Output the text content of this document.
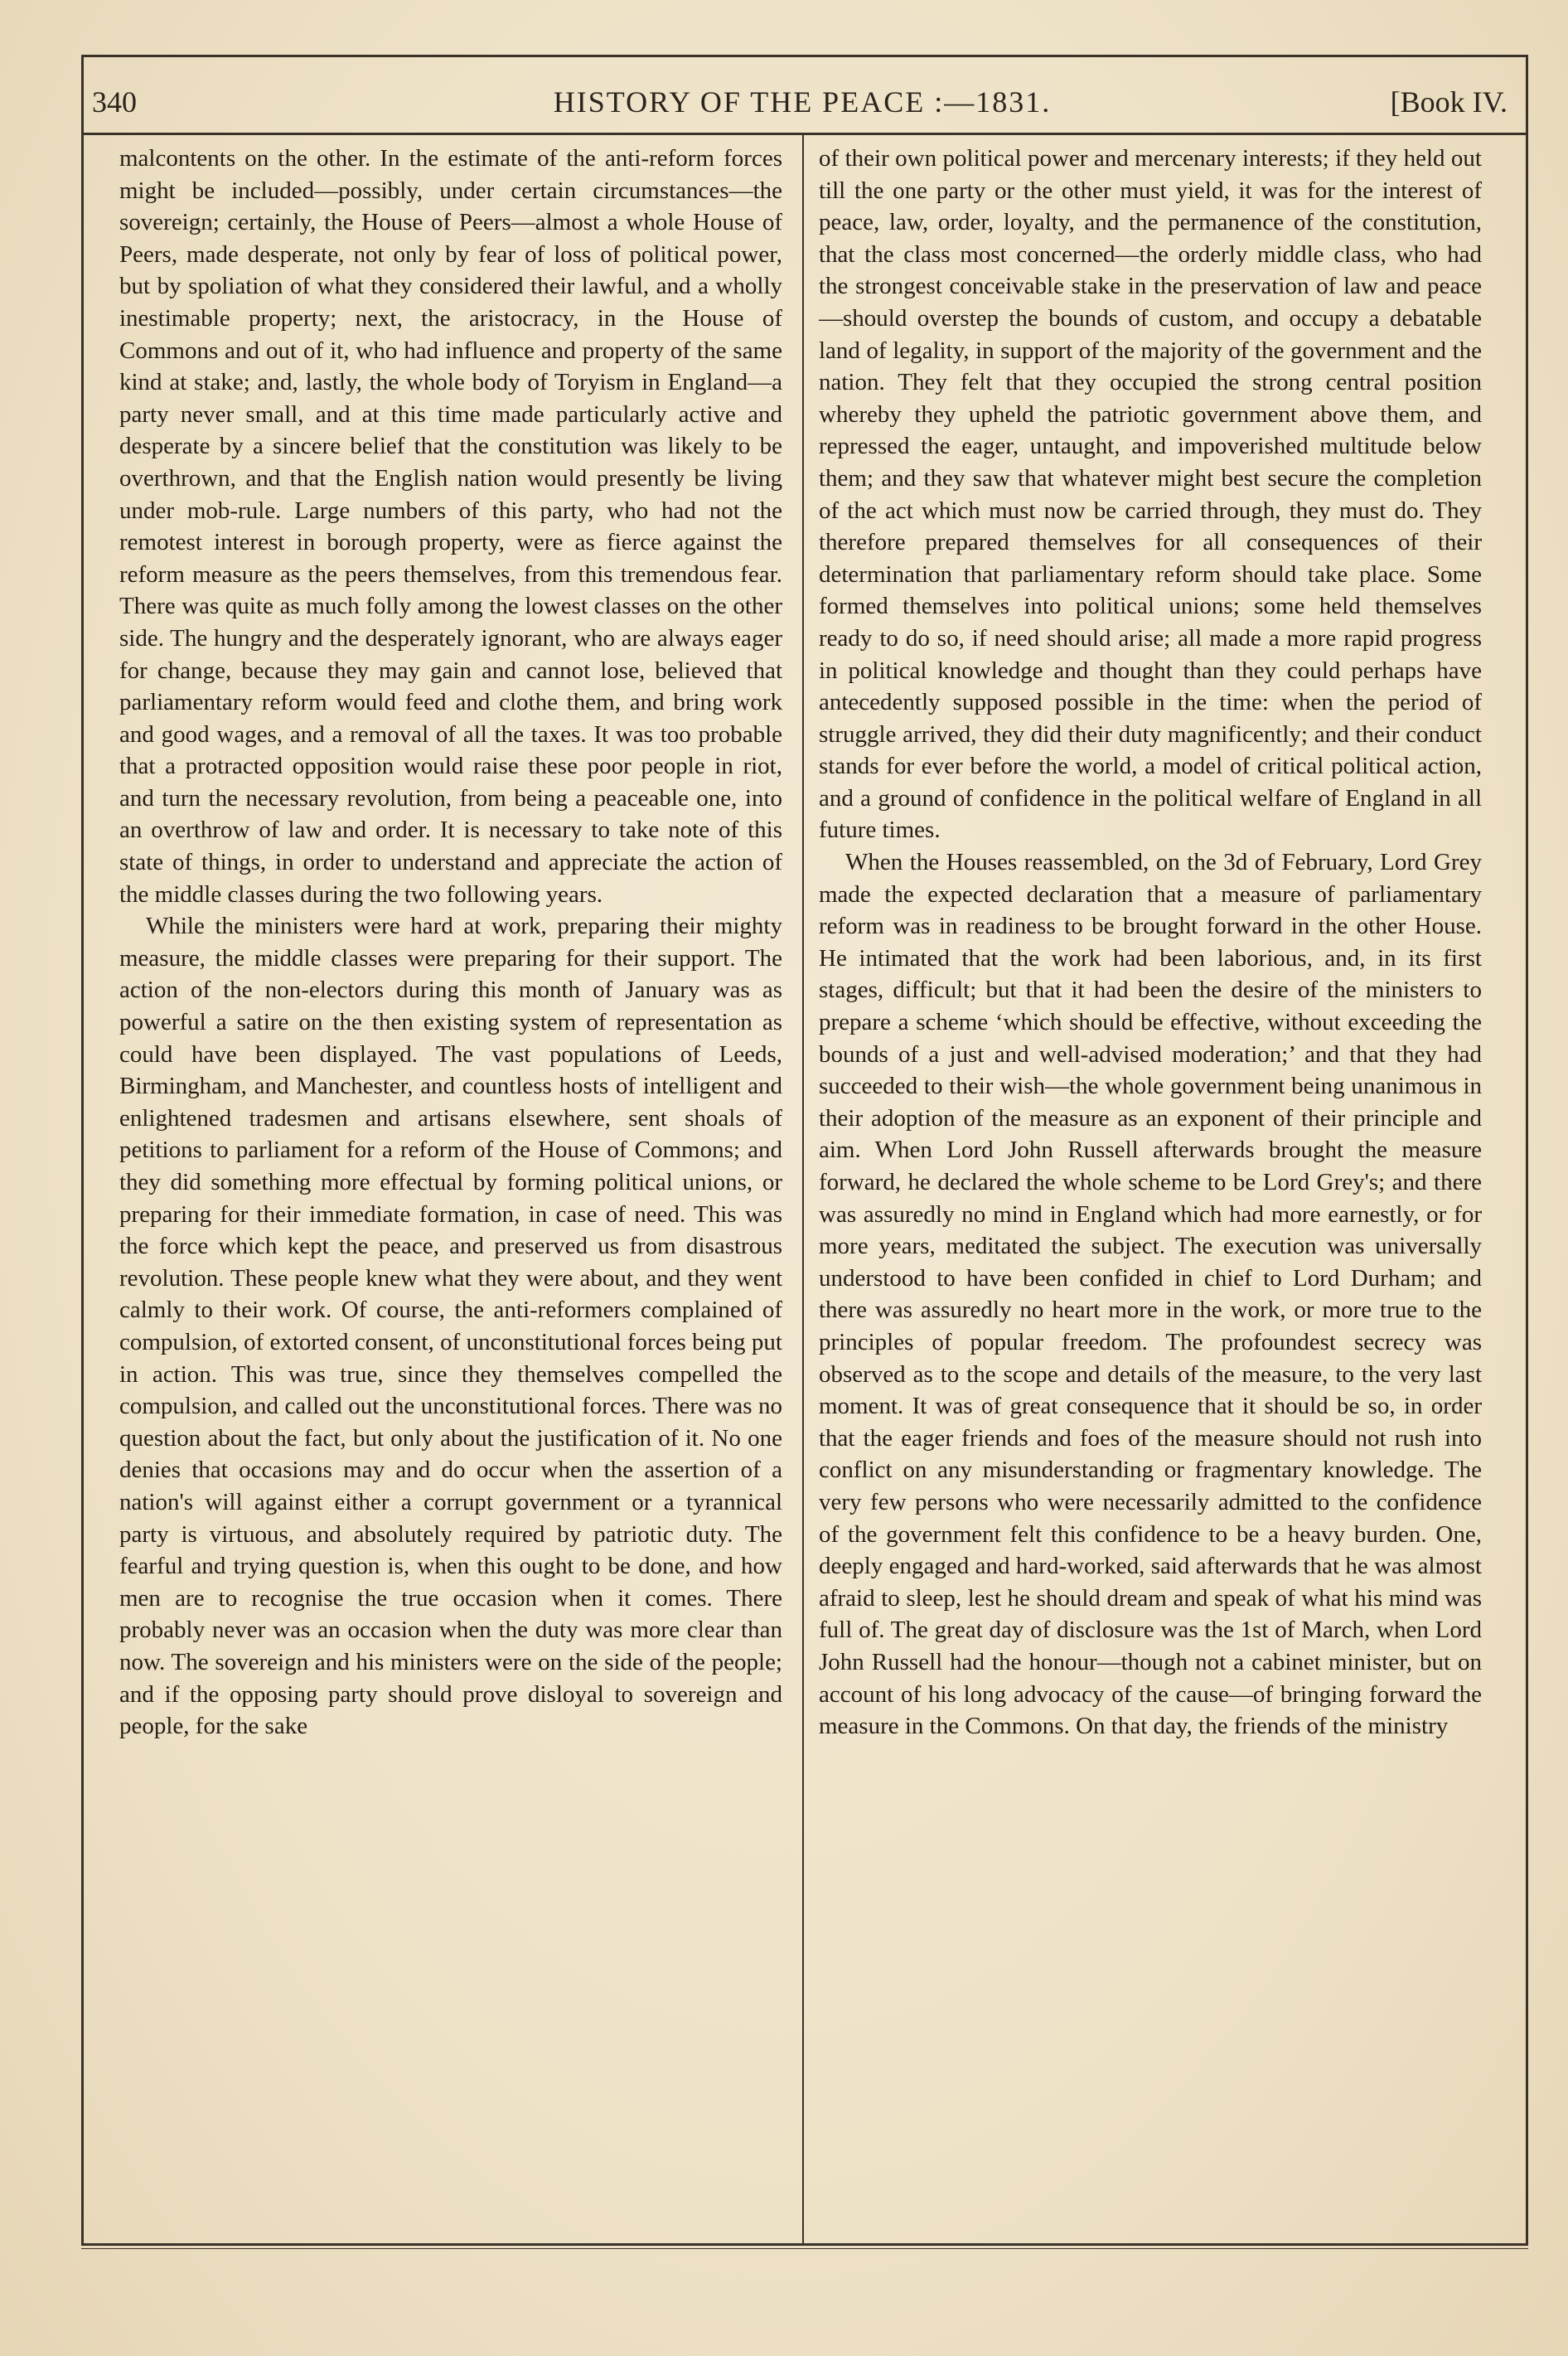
340	HISTORY OF THE PEACE :—1831.	[Book IV.

malcontents on the other. In the estimate of the anti-reform forces might be included—possibly, under certain circumstances—the sovereign; certainly, the House of Peers—almost a whole House of Peers, made desperate, not only by fear of loss of political power, but by spoliation of what they considered their lawful, and a wholly inestimable property; next, the aristocracy, in the House of Commons and out of it, who had influence and property of the same kind at stake; and, lastly, the whole body of Toryism in England—a party never small, and at this time made particularly active and desperate by a sincere belief that the constitution was likely to be overthrown, and that the English nation would presently be living under mob-rule. Large numbers of this party, who had not the remotest interest in borough property, were as fierce against the reform measure as the peers themselves, from this tremendous fear. There was quite as much folly among the lowest classes on the other side. The hungry and the desperately ignorant, who are always eager for change, because they may gain and cannot lose, believed that parliamentary reform would feed and clothe them, and bring work and good wages, and a removal of all the taxes. It was too probable that a protracted opposition would raise these poor people in riot, and turn the necessary revolution, from being a peaceable one, into an overthrow of law and order. It is necessary to take note of this state of things, in order to understand and appreciate the action of the middle classes during the two following years.

While the ministers were hard at work, preparing their mighty measure, the middle classes were preparing for their support. The action of the non-electors during this month of January was as powerful a satire on the then existing system of representation as could have been displayed. The vast populations of Leeds, Birmingham, and Manchester, and countless hosts of intelligent and enlightened tradesmen and artisans elsewhere, sent shoals of petitions to parliament for a reform of the House of Commons; and they did something more effectual by forming political unions, or preparing for their immediate formation, in case of need. This was the force which kept the peace, and preserved us from disastrous revolution. These people knew what they were about, and they went calmly to their work. Of course, the anti-reformers complained of compulsion, of extorted consent, of unconstitutional forces being put in action. This was true, since they themselves compelled the compulsion, and called out the unconstitutional forces. There was no question about the fact, but only about the justification of it. No one denies that occasions may and do occur when the assertion of a nation's will against either a corrupt government or a tyrannical party is virtuous, and absolutely required by patriotic duty. The fearful and trying question is, when this ought to be done, and how men are to recognise the true occasion when it comes. There probably never was an occasion when the duty was more clear than now. The sovereign and his ministers were on the side of the people; and if the opposing party should prove disloyal to sovereign and people, for the sake

of their own political power and mercenary interests; if they held out till the one party or the other must yield, it was for the interest of peace, law, order, loyalty, and the permanence of the constitution, that the class most concerned—the orderly middle class, who had the strongest conceivable stake in the preservation of law and peace—should overstep the bounds of custom, and occupy a debatable land of legality, in support of the majority of the government and the nation. They felt that they occupied the strong central position whereby they upheld the patriotic government above them, and repressed the eager, untaught, and impoverished multitude below them; and they saw that whatever might best secure the completion of the act which must now be carried through, they must do. They therefore prepared themselves for all consequences of their determination that parliamentary reform should take place. Some formed themselves into political unions; some held themselves ready to do so, if need should arise; all made a more rapid progress in political knowledge and thought than they could perhaps have antecedently supposed possible in the time: when the period of struggle arrived, they did their duty magnificently; and their conduct stands for ever before the world, a model of critical political action, and a ground of confidence in the political welfare of England in all future times.

When the Houses reassembled, on the 3d of February, Lord Grey made the expected declaration that a measure of parliamentary reform was in readiness to be brought forward in the other House. He intimated that the work had been laborious, and, in its first stages, difficult; but that it had been the desire of the ministers to prepare a scheme ‘which should be effective, without exceeding the bounds of a just and well-advised moderation;’ and that they had succeeded to their wish—the whole government being unanimous in their adoption of the measure as an exponent of their principle and aim. When Lord John Russell afterwards brought the measure forward, he declared the whole scheme to be Lord Grey's; and there was assuredly no mind in England which had more earnestly, or for more years, meditated the subject. The execution was universally understood to have been confided in chief to Lord Durham; and there was assuredly no heart more in the work, or more true to the principles of popular freedom. The profoundest secrecy was observed as to the scope and details of the measure, to the very last moment. It was of great consequence that it should be so, in order that the eager friends and foes of the measure should not rush into conflict on any misunderstanding or fragmentary knowledge. The very few persons who were necessarily admitted to the confidence of the government felt this confidence to be a heavy burden. One, deeply engaged and hard-worked, said afterwards that he was almost afraid to sleep, lest he should dream and speak of what his mind was full of. The great day of disclosure was the 1st of March, when Lord John Russell had the honour—though not a cabinet minister, but on account of his long advocacy of the cause—of bringing forward the measure in the Commons. On that day, the friends of the ministry
